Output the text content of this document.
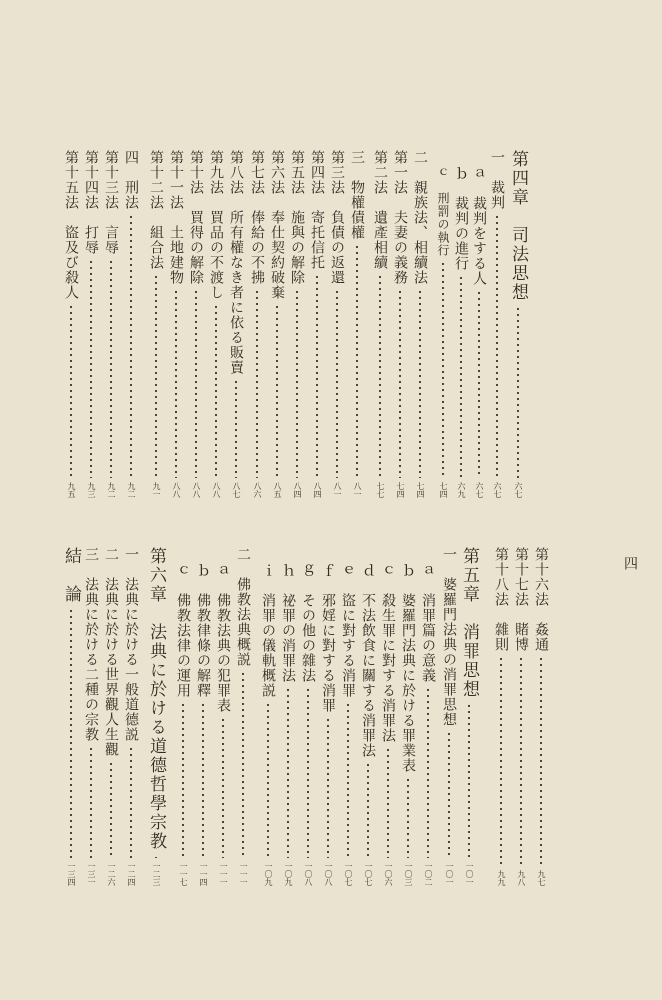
第四章　司法思想
六七
一　裁判
六七
ａ　裁判をする人
六七
ｂ　裁判の進行
六九
ｃ　刑罰の執行
七四
二　親族法、相續法
七四
第一法　夫妻の義務
七四
第二法　遺產相續
七七
三　物權債權
八一
第三法　負債の返還
八一
第四法　寄托信托
八四
第五法　施與の解除
八四
第六法　奉仕契約破棄
八五
第七法　俸給の不拂
八六
第八法　所有權なき者に依る販賣
八七
第九法　買品の不渡し
八八
第十法　買得の解除
八八
第十一法　土地建物
八八
第十二法　組合法
九一
四　刑法
九二
第十三法　言辱
九二
第十四法　打辱
九三
第十五法　盜及び殺人
九五
第十六法　姦通
九七
第十七法　賭博
九八
第十八法　雜則
九九
第五章　消罪思想
一〇一
一　婆羅門法典の消罪思想
一〇一
ａ　消罪篇の意義
一〇二
ｂ　婆羅門法典に於ける罪業表
一〇三
ｃ　殺生罪に對する消罪法
一〇六
ｄ　不法飲食に關する消罪法
一〇七
ｅ　盜に對する消罪
一〇七
ｆ　邪婬に對する消罪
一〇八
ｇ　その他の雜法
一〇八
ｈ　祕罪の消罪法
一〇九
ｉ　消罪の儀軌概説
一〇九
二　佛教法典概説
一一一
ａ　佛教法典の犯罪表
一一一
ｂ　佛教律條の解釋
一一四
ｃ　佛教法律の運用
一一七
第六章　法典に於ける道德哲學宗教
一二三
一　法典に於ける一般道德説
一二四
二　法典に於ける世界觀人生觀
一二六
三　法典に於ける二種の宗教
一三一
結　論
一三四
四
